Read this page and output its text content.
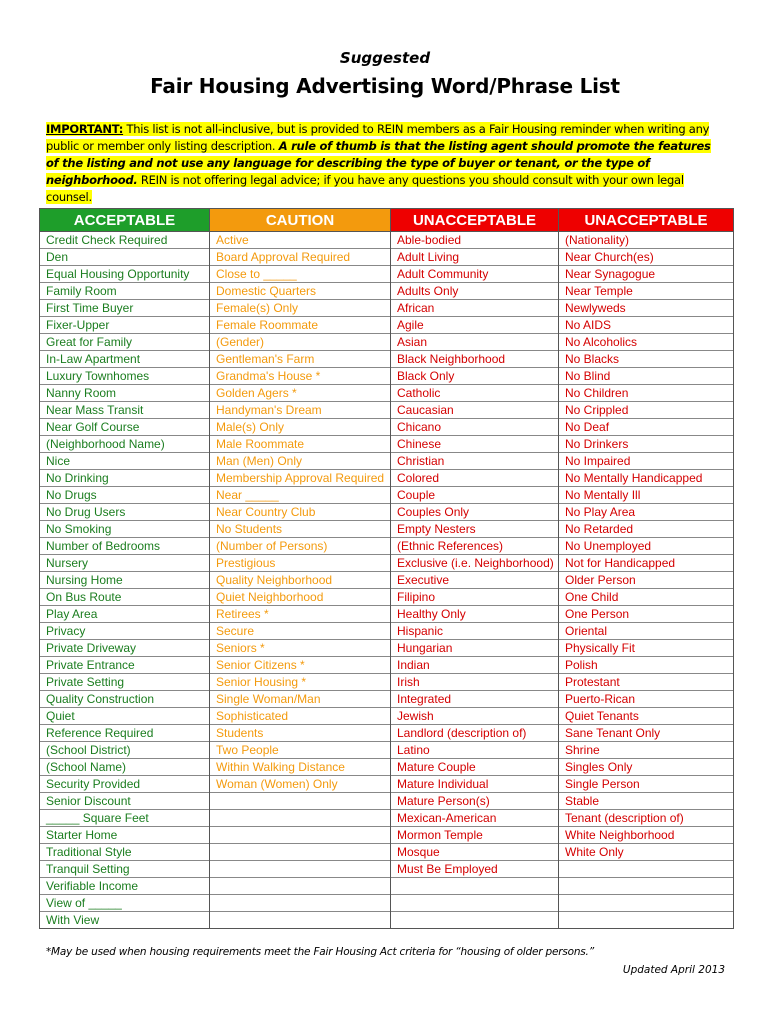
Suggested
Fair Housing Advertising Word/Phrase List
IMPORTANT: This list is not all-inclusive, but is provided to REIN members as a Fair Housing reminder when writing any public or member only listing description. A rule of thumb is that the listing agent should promote the features of the listing and not use any language for describing the type of buyer or tenant, or the type of neighborhood. REIN is not offering legal advice; if you have any questions you should consult with your own legal counsel.
ACCEPTABLE	CAUTION	UNACCEPTABLE	UNACCEPTABLE
Credit Check Required	Active	Able-bodied	(Nationality)
Den	Board Approval Required	Adult Living	Near Church(es)
Equal Housing Opportunity	Close to _____	Adult Community	Near Synagogue
Family Room	Domestic Quarters	Adults Only	Near Temple
First Time Buyer	Female(s) Only	African	Newlyweds
Fixer-Upper	Female Roommate	Agile	No AIDS
Great for Family	(Gender)	Asian	No Alcoholics
In-Law Apartment	Gentleman's Farm	Black Neighborhood	No Blacks
Luxury Townhomes	Grandma's House *	Black Only	No Blind
Nanny Room	Golden Agers *	Catholic	No Children
Near Mass Transit	Handyman's Dream	Caucasian	No Crippled
Near Golf Course	Male(s) Only	Chicano	No Deaf
(Neighborhood Name)	Male Roommate	Chinese	No Drinkers
Nice	Man (Men) Only	Christian	No Impaired
No Drinking	Membership Approval Required	Colored	No Mentally Handicapped
No Drugs	Near _____	Couple	No Mentally Ill
No Drug Users	Near Country Club	Couples Only	No Play Area
No Smoking	No Students	Empty Nesters	No Retarded
Number of Bedrooms	(Number of Persons)	(Ethnic References)	No Unemployed
Nursery	Prestigious	Exclusive (i.e. Neighborhood)	Not for Handicapped
Nursing Home	Quality Neighborhood	Executive	Older Person
On Bus Route	Quiet Neighborhood	Filipino	One Child
Play Area	Retirees *	Healthy Only	One Person
Privacy	Secure	Hispanic	Oriental
Private Driveway	Seniors *	Hungarian	Physically Fit
Private Entrance	Senior Citizens *	Indian	Polish
Private Setting	Senior Housing *	Irish	Protestant
Quality Construction	Single Woman/Man	Integrated	Puerto-Rican
Quiet	Sophisticated	Jewish	Quiet Tenants
Reference Required	Students	Landlord (description of)	Sane Tenant Only
(School District)	Two People	Latino	Shrine
(School Name)	Within Walking Distance	Mature Couple	Singles Only
Security Provided	Woman (Women) Only	Mature Individual	Single Person
Senior Discount		Mature Person(s)	Stable
_____ Square Feet		Mexican-American	Tenant (description of)
Starter Home		Mormon Temple	White Neighborhood
Traditional Style		Mosque	White Only
Tranquil Setting		Must Be Employed	
Verifiable Income			
View of _____			
With View			
*May be used when housing requirements meet the Fair Housing Act criteria for “housing of older persons.”
Updated April 2013
